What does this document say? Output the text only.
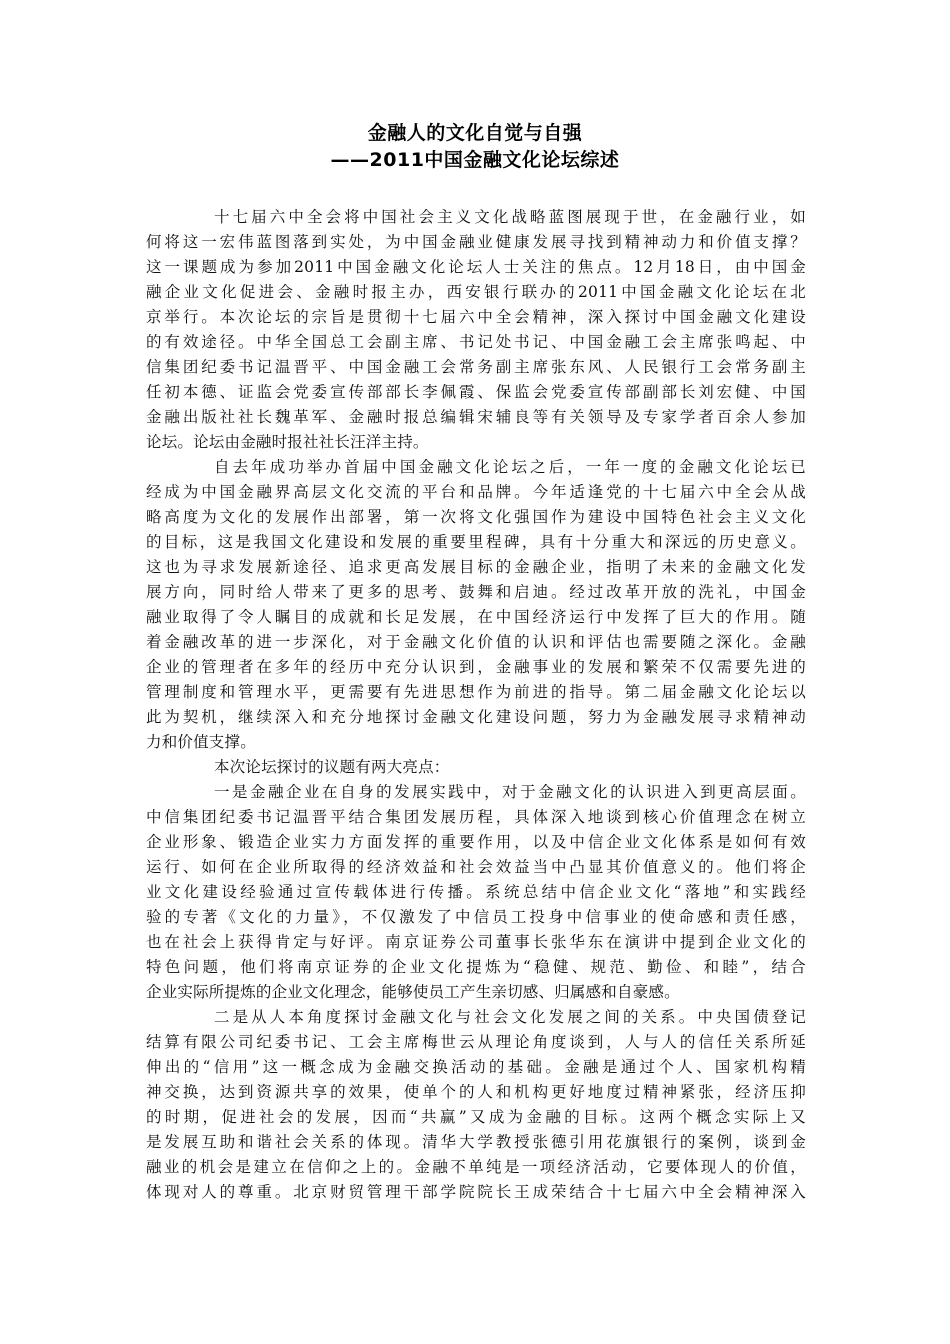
金融人的文化自觉与自强
——2011中国金融文化论坛综述
十七届六中全会将中国社会主义文化战略蓝图展现于世，在金融行业，如
何将这一宏伟蓝图落到实处，为中国金融业健康发展寻找到精神动力和价值支撑？
这一课题成为参加2011中国金融文化论坛人士关注的焦点。12月18日，由中国金
融企业文化促进会、金融时报主办，西安银行联办的2011中国金融文化论坛在北
京举行。本次论坛的宗旨是贯彻十七届六中全会精神，深入探讨中国金融文化建设
的有效途径。中华全国总工会副主席、书记处书记、中国金融工会主席张鸣起、中
信集团纪委书记温晋平、中国金融工会常务副主席张东风、人民银行工会常务副主
任初本德、证监会党委宣传部部长李佩霞、保监会党委宣传部副部长刘宏健、中国
金融出版社社长魏革军、金融时报总编辑宋辅良等有关领导及专家学者百余人参加
论坛。论坛由金融时报社社长汪洋主持。
自去年成功举办首届中国金融文化论坛之后，一年一度的金融文化论坛已
经成为中国金融界高层文化交流的平台和品牌。今年适逢党的十七届六中全会从战
略高度为文化的发展作出部署，第一次将文化强国作为建设中国特色社会主义文化
的目标，这是我国文化建设和发展的重要里程碑，具有十分重大和深远的历史意义。
这也为寻求发展新途径、追求更高发展目标的金融企业，指明了未来的金融文化发
展方向，同时给人带来了更多的思考、鼓舞和启迪。经过改革开放的洗礼，中国金
融业取得了令人瞩目的成就和长足发展，在中国经济运行中发挥了巨大的作用。随
着金融改革的进一步深化，对于金融文化价值的认识和评估也需要随之深化。金融
企业的管理者在多年的经历中充分认识到，金融事业的发展和繁荣不仅需要先进的
管理制度和管理水平，更需要有先进思想作为前进的指导。第二届金融文化论坛以
此为契机，继续深入和充分地探讨金融文化建设问题，努力为金融发展寻求精神动
力和价值支撑。
本次论坛探讨的议题有两大亮点：
一是金融企业在自身的发展实践中，对于金融文化的认识进入到更高层面。
中信集团纪委书记温晋平结合集团发展历程，具体深入地谈到核心价值理念在树立
企业形象、锻造企业实力方面发挥的重要作用，以及中信企业文化体系是如何有效
运行、如何在企业所取得的经济效益和社会效益当中凸显其价值意义的。他们将企
业文化建设经验通过宣传载体进行传播。系统总结中信企业文化“落地”和实践经
验的专著《文化的力量》，不仅激发了中信员工投身中信事业的使命感和责任感，
也在社会上获得肯定与好评。南京证券公司董事长张华东在演讲中提到企业文化的
特色问题，他们将南京证券的企业文化提炼为“稳健、规范、勤俭、和睦”，结合
企业实际所提炼的企业文化理念，能够使员工产生亲切感、归属感和自豪感。
二是从人本角度探讨金融文化与社会文化发展之间的关系。中央国债登记
结算有限公司纪委书记、工会主席梅世云从理论角度谈到，人与人的信任关系所延
伸出的“信用”这一概念成为金融交换活动的基础。金融是通过个人、国家机构精
神交换，达到资源共享的效果，使单个的人和机构更好地度过精神紧张，经济压抑
的时期，促进社会的发展，因而“共赢”又成为金融的目标。这两个概念实际上又
是发展互助和谐社会关系的体现。清华大学教授张德引用花旗银行的案例，谈到金
融业的机会是建立在信仰之上的。金融不单纯是一项经济活动，它要体现人的价值，
体现对人的尊重。北京财贸管理干部学院院长王成荣结合十七届六中全会精神深入
